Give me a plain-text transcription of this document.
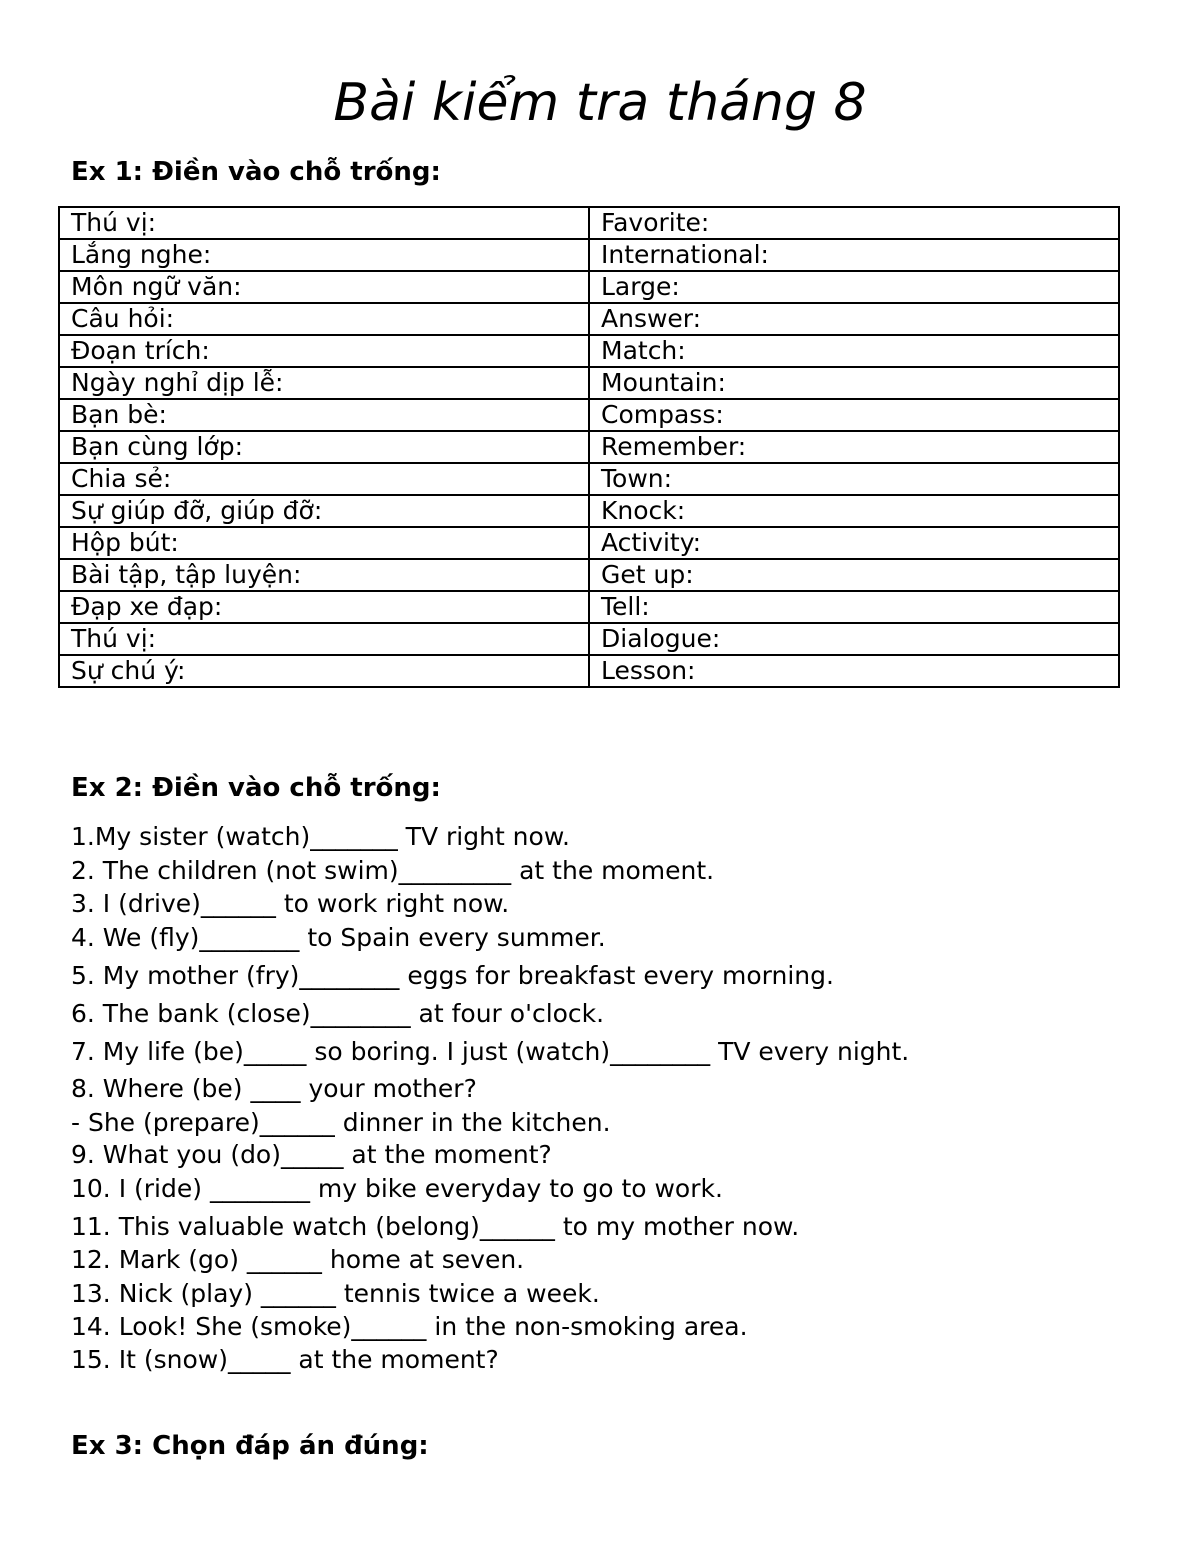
Bài kiểm tra tháng 8
Ex 1: Điền vào chỗ trống:
Thú vị:	Favorite:
Lắng nghe:	International:
Môn ngữ văn:	Large:
Câu hỏi:	Answer:
Đoạn trích:	Match:
Ngày nghỉ dịp lễ:	Mountain:
Bạn bè:	Compass:
Bạn cùng lớp:	Remember:
Chia sẻ:	Town:
Sự giúp đỡ, giúp đỡ:	Knock:
Hộp bút:	Activity:
Bài tập, tập luyện:	Get up:
Đạp xe đạp:	Tell:
Thú vị:	Dialogue:
Sự chú ý:	Lesson:
Ex 2: Điền vào chỗ trống:
1.My sister (watch)_______ TV right now.
2. The children (not swim)_________ at the moment.
3. I (drive)______ to work right now.
4. We (fly)________ to Spain every summer.
5. My mother (fry)________ eggs for breakfast every morning.
6. The bank (close)________ at four o'clock.
7. My life (be)_____ so boring. I just (watch)________ TV every night.
8. Where (be) ____ your mother?
- She (prepare)______ dinner in the kitchen.
9. What you (do)_____ at the moment?
10. I (ride) ________ my bike everyday to go to work.
11. This valuable watch (belong)______ to my mother now.
12. Mark (go) ______ home at seven.
13. Nick (play) ______ tennis twice a week.
14. Look! She (smoke)______ in the non-smoking area.
15. It (snow)_____ at the moment?
Ex 3: Chọn đáp án đúng:
